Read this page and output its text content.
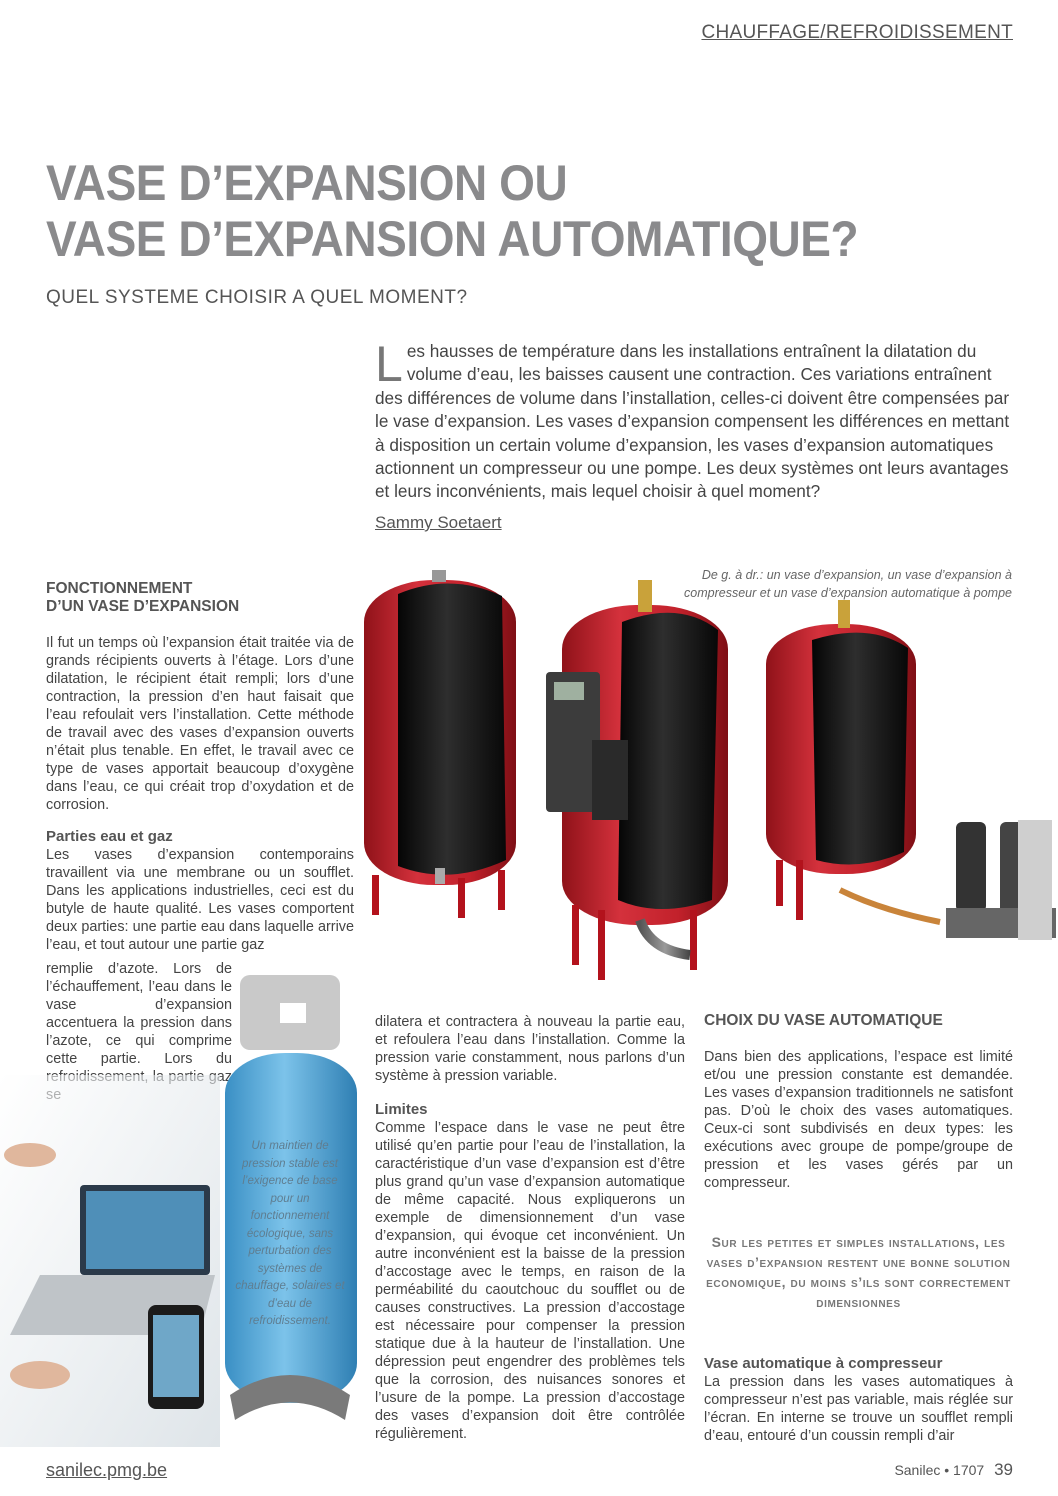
CHAUFFAGE/REFROIDISSEMENT
VASE D’EXPANSION OU
VASE D’EXPANSION AUTOMATIQUE?
QUEL SYSTEME CHOISIR A QUEL MOMENT?
L es hausses de température dans les installations entraînent la dilatation du volume d’eau, les baisses causent une contraction. Ces variations entraînent des différences de volume dans l’installation, celles-ci doivent être compensées par le vase d’expansion. Les vases d’expansion compensent les différences en mettant à disposition un certain volume d’expansion, les vases d’expansion automatiques actionnent un compresseur ou une pompe. Les deux systèmes ont leurs avantages et leurs inconvénients, mais lequel choisir à quel moment?
Sammy Soetaert
De g. à dr.: un vase d’expansion, un vase d’expansion à compresseur et un vase d’expansion automatique à pompe
FONCTIONNEMENT
D’UN VASE D’EXPANSION
Il fut un temps où l’expansion était traitée via de grands récipients ouverts à l’étage. Lors d’une dilatation, le récipient était rempli; lors d’une contraction, la pression d’en haut faisait que l’eau refoulait vers l’installation. Cette méthode de travail avec des vases d’expansion ouverts n’était plus tenable. En effet, le travail avec ce type de vases apportait beaucoup d’oxygène dans l’eau, ce qui créait trop d’oxydation et de corrosion.
Parties eau et gaz
Les vases d’expansion contemporains travaillent via une membrane ou un soufflet. Dans les applications industrielles, ceci est du butyle de haute qualité. Les vases comportent deux parties: une partie eau dans laquelle arrive l’eau, et tout autour une partie gaz
remplie d’azote. Lors de l’échauffement, l’eau dans le vase d’expansion accentuera la pression dans l’azote, ce qui comprime cette partie. Lors du gaz
Un maintien de pression stable est l’exigence de base pour un fonctionnement écologique, sans perturbation des systèmes de chauffage, solaires et d’eau de refroidissement.
dilatera et contractera à nouveau la partie eau, et refoulera l’eau dans l’installation. Comme la pression varie constamment, nous parlons d’un système à pression variable.
Limites
Comme l’espace dans le vase ne peut être utilisé qu’en partie pour l’eau de l’installation, la caractéristique d’un vase d’expansion est d’être plus grand qu’un vase d’expansion automatique de même capacité. Nous expliquerons un exemple de dimensionnement d’un vase d’expansion, qui évoque cet inconvénient. Un autre inconvénient est la baisse de la pression d’accostage avec le temps, en raison de la perméabilité du caoutchouc du soufflet ou de causes constructives. La pression d’accostage est nécessaire pour compenser la pression statique due à la hauteur de l’installation. Une dépression peut engendrer des problèmes tels que la corrosion, des nuisances sonores et l’usure de la pompe. La pression d’accostage des vases d’expansion doit être contrôlée régulièrement.
CHOIX DU VASE AUTOMATIQUE
Dans bien des applications, l’espace est limité et/ou une pression constante est demandée. Les vases d’expansion traditionnels ne satisfont pas. D’où le choix des vases automatiques. Ceux-ci sont subdivisés en deux types: les exécutions avec groupe de pompe/groupe de pression et les vases gérés par un compresseur.
Sur les petites et simples installations, les vases d’expansion restent une bonne solution economique, du moins s’ils sont correctement dimensionnes
Vase automatique à compresseur
La pression dans les vases automatiques à compresseur n’est pas variable, mais réglée sur l’écran. En interne se trouve un soufflet rempli d’eau, entouré d’un coussin rempli d’air
sanilec.pmg.be	Sanilec • 1707 39
